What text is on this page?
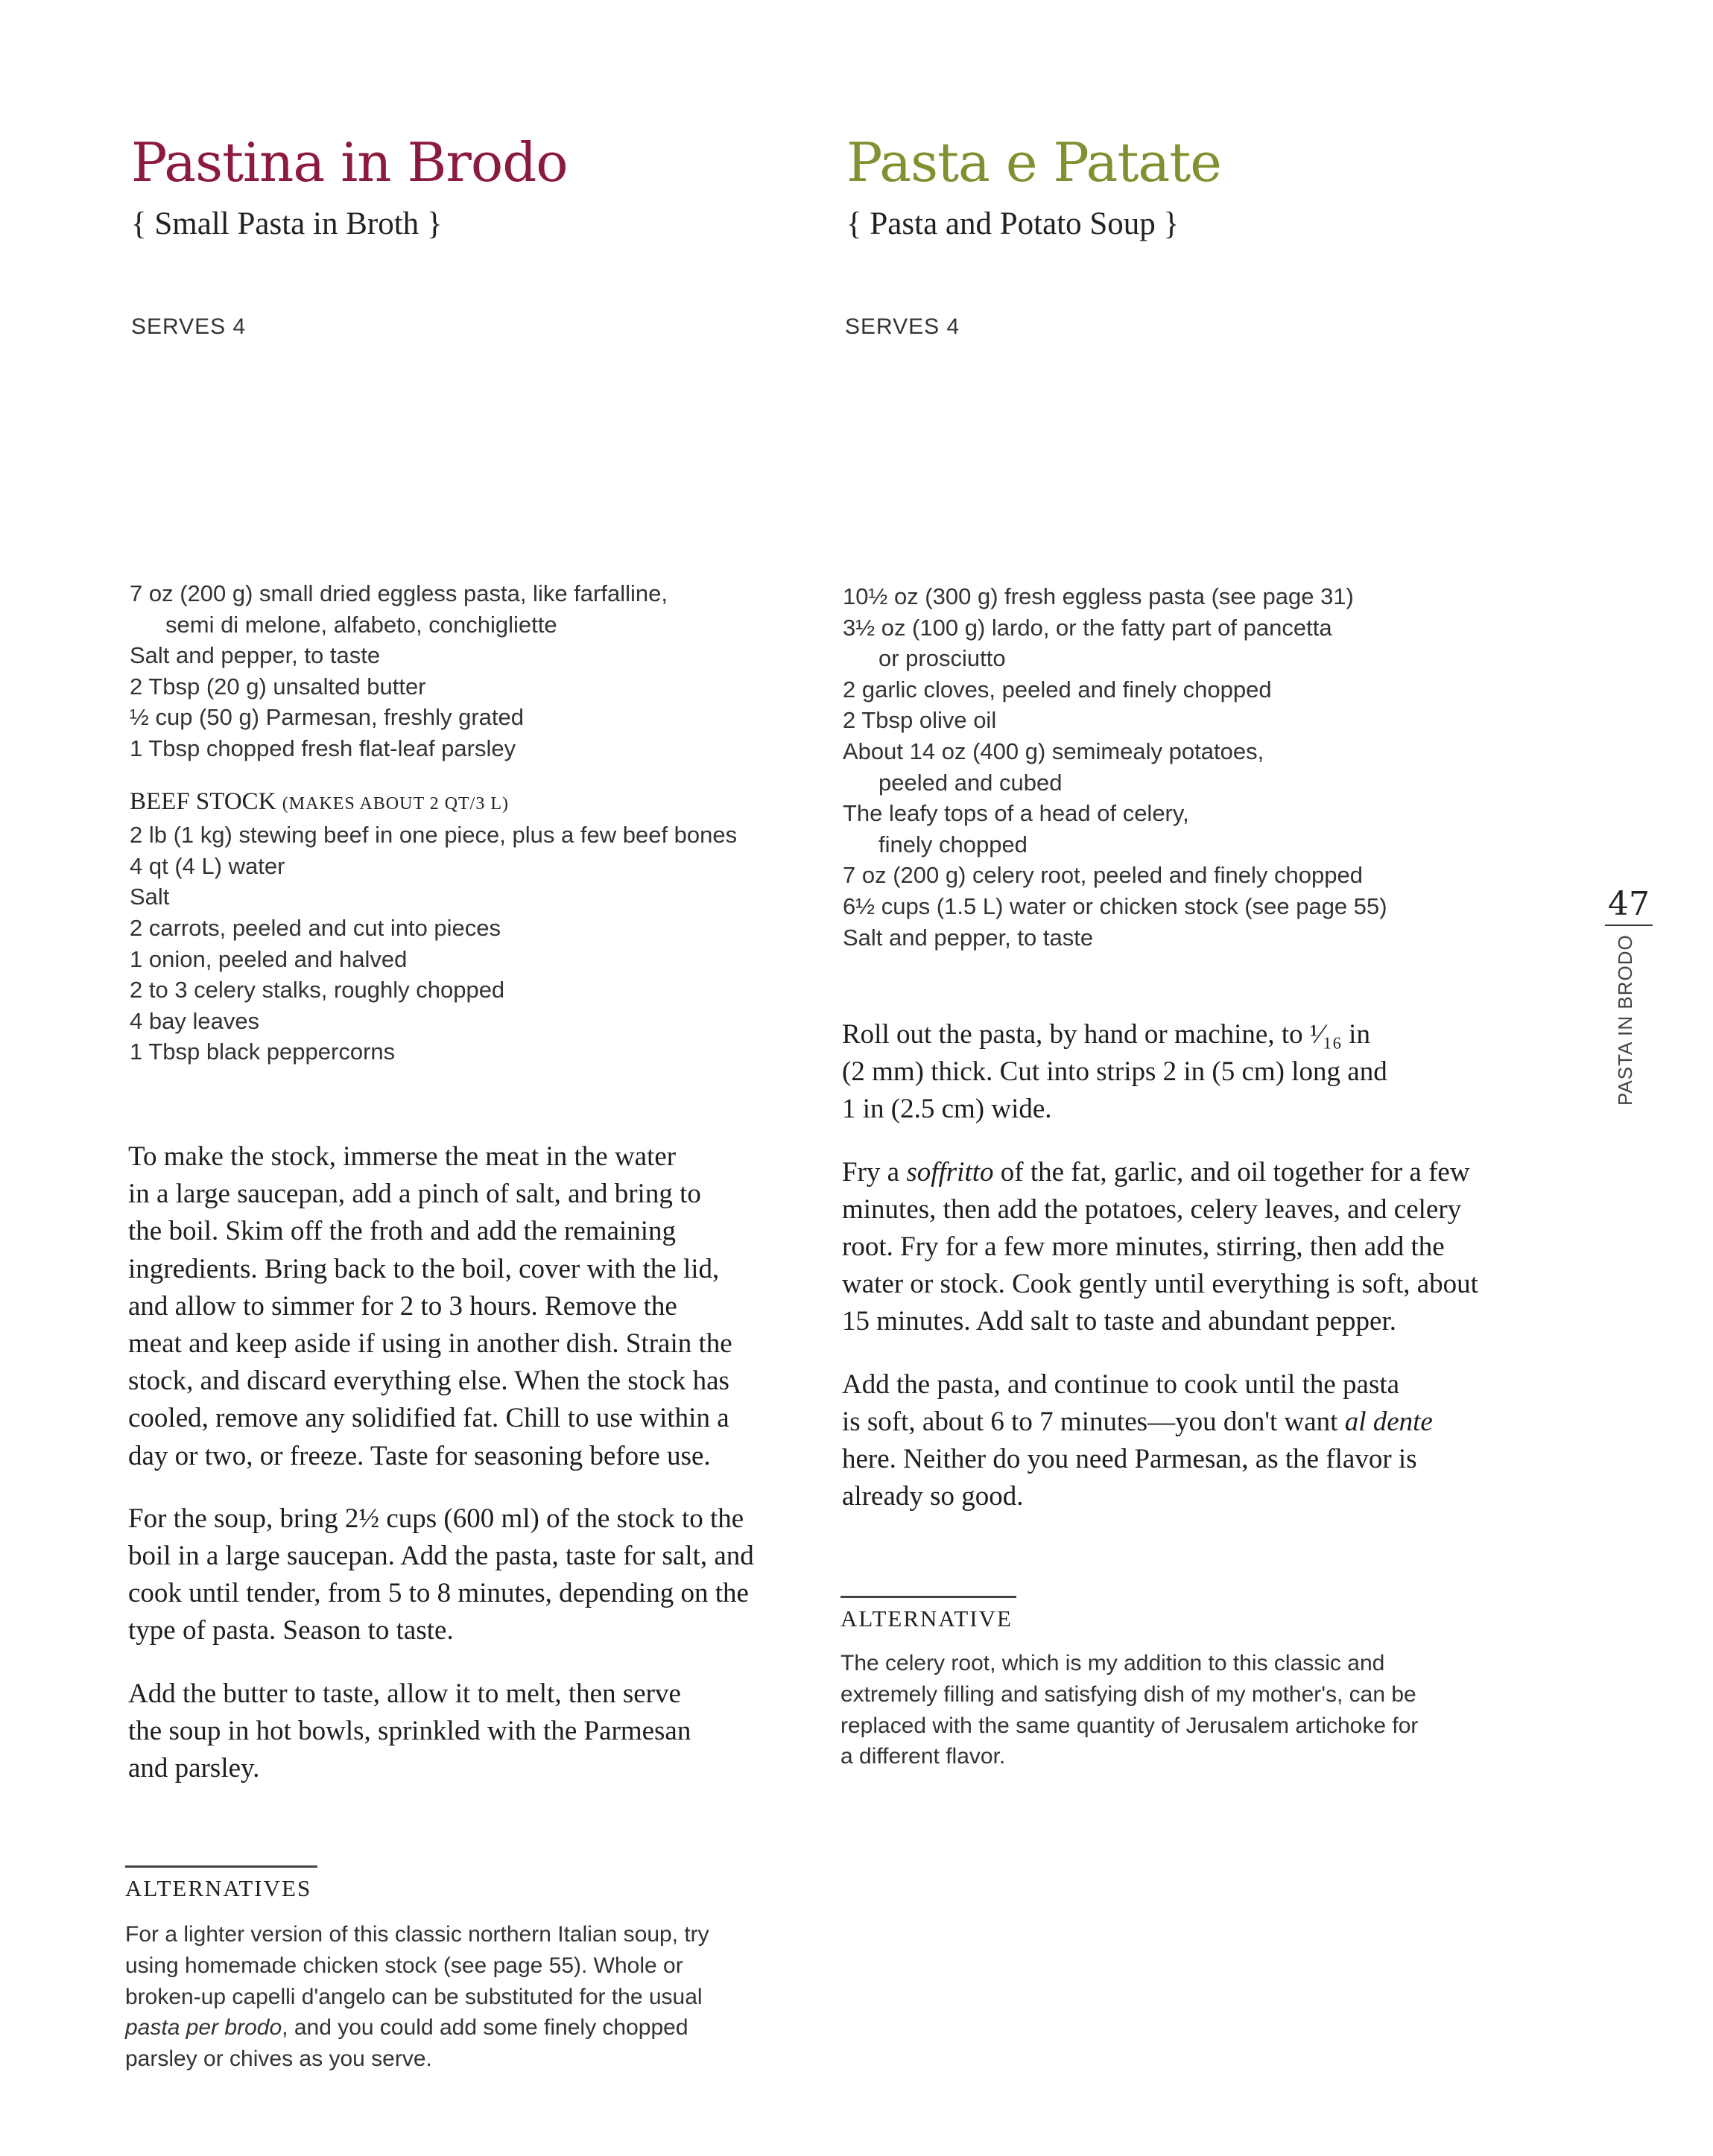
Pastina in Brodo
{ Small Pasta in Broth }
SERVES 4
7 oz (200 g) small dried eggless pasta, like farfalline,
semi di melone, alfabeto, conchigliette
Salt and pepper, to taste
2 Tbsp (20 g) unsalted butter
½ cup (50 g) Parmesan, freshly grated
1 Tbsp chopped fresh flat-leaf parsley
BEEF STOCK (MAKES ABOUT 2 QT/3 L)
2 lb (1 kg) stewing beef in one piece, plus a few beef bones
4 qt (4 L) water
Salt
2 carrots, peeled and cut into pieces
1 onion, peeled and halved
2 to 3 celery stalks, roughly chopped
4 bay leaves
1 Tbsp black peppercorns
To make the stock, immerse the meat in the water
in a large saucepan, add a pinch of salt, and bring to
the boil. Skim off the froth and add the remaining
ingredients. Bring back to the boil, cover with the lid,
and allow to simmer for 2 to 3 hours. Remove the
meat and keep aside if using in another dish. Strain the
stock, and discard everything else. When the stock has
cooled, remove any solidified fat. Chill to use within a
day or two, or freeze. Taste for seasoning before use.
For the soup, bring 2½ cups (600 ml) of the stock to the
boil in a large saucepan. Add the pasta, taste for salt, and
cook until tender, from 5 to 8 minutes, depending on the
type of pasta. Season to taste.
Add the butter to taste, allow it to melt, then serve
the soup in hot bowls, sprinkled with the Parmesan
and parsley.
ALTERNATIVES
For a lighter version of this classic northern Italian soup, try
using homemade chicken stock (see page 55). Whole or
broken-up capelli d'angelo can be substituted for the usual
pasta per brodo, and you could add some finely chopped
parsley or chives as you serve.
Pasta e Patate
{ Pasta and Potato Soup }
SERVES 4
10½ oz (300 g) fresh eggless pasta (see page 31)
3½ oz (100 g) lardo, or the fatty part of pancetta
or prosciutto
2 garlic cloves, peeled and finely chopped
2 Tbsp olive oil
About 14 oz (400 g) semimealy potatoes,
peeled and cubed
The leafy tops of a head of celery,
finely chopped
7 oz (200 g) celery root, peeled and finely chopped
6½ cups (1.5 L) water or chicken stock (see page 55)
Salt and pepper, to taste
Roll out the pasta, by hand or machine, to ¹⁄₁₆ in
(2 mm) thick. Cut into strips 2 in (5 cm) long and
1 in (2.5 cm) wide.
Fry a soffritto of the fat, garlic, and oil together for a few
minutes, then add the potatoes, celery leaves, and celery
root. Fry for a few more minutes, stirring, then add the
water or stock. Cook gently until everything is soft, about
15 minutes. Add salt to taste and abundant pepper.
Add the pasta, and continue to cook until the pasta
is soft, about 6 to 7 minutes—you don't want al dente
here. Neither do you need Parmesan, as the flavor is
already so good.
ALTERNATIVE
The celery root, which is my addition to this classic and
extremely filling and satisfying dish of my mother's, can be
replaced with the same quantity of Jerusalem artichoke for
a different flavor.
47
PASTA IN BRODO
